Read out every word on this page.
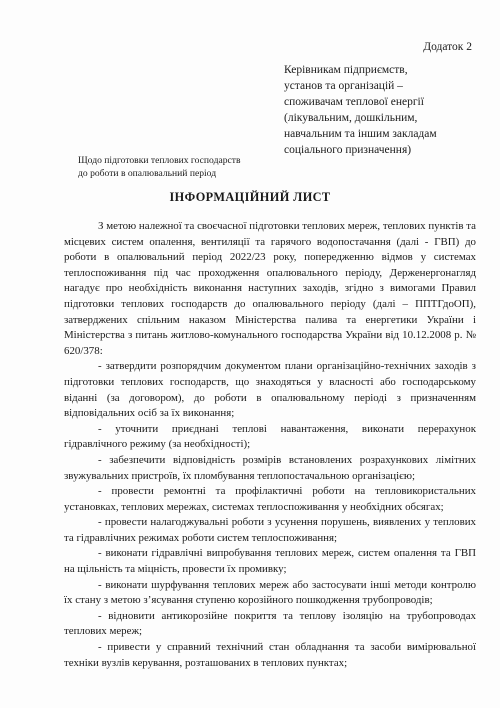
Додаток 2
Керівникам підприємств,
установ та організацій –
споживачам теплової енергії
(лікувальним, дошкільним,
навчальним та іншим закладам
соціального призначення)
Щодо підготовки теплових господарств
до роботи в опалювальний період
ІНФОРМАЦІЙНИЙ ЛИСТ

З метою належної та своєчасної підготовки теплових мереж, теплових пунктів та місцевих систем опалення, вентиляції та гарячого водопостачання (далі - ГВП) до роботи в опалювальний період 2022/23 року, попередженню відмов у системах теплоспоживання під час проходження опалювального періоду, Держенергонагляд нагадує про необхідність виконання наступних заходів, згідно з вимогами Правил підготовки теплових господарств до опалювального періоду (далі – ППТГдоОП), затверджених спільним наказом Міністерства палива та енергетики України і Міністерства з питань житлово-комунального господарства України від 10.12.2008 р. № 620/378:

- затвердити розпорядчим документом плани організаційно-технічних заходів з підготовки теплових господарств, що знаходяться у власності або господарському віданні (за договором), до роботи в опалювальному періоді з призначенням відповідальних осіб за їх виконання;

- уточнити приєднані теплові навантаження, виконати перерахунок гідравлічного режиму (за необхідності);

- забезпечити відповідність розмірів встановлених розрахункових лімітних звужувальних пристроїв, їх пломбування теплопостачальною організацією;

- провести ремонтні та профілактичні роботи на тепловикористальних установках, теплових мережах, системах теплоспоживання у необхідних обсягах;

- провести налагоджувальні роботи з усунення порушень, виявлених у теплових та гідравлічних режимах роботи систем теплоспоживання;

- виконати гідравлічні випробування теплових мереж, систем опалення та ГВП на щільність та міцність, провести їх промивку;

- виконати шурфування теплових мереж або застосувати інші методи контролю їх стану з метою з’ясування ступеню корозійного пошкодження трубопроводів;

- відновити антикорозійне покриття та теплову ізоляцію на трубопроводах теплових мереж;

- привести у справний технічний стан обладнання та засоби вимірювальної техніки вузлів керування, розташованих в теплових пунктах;
